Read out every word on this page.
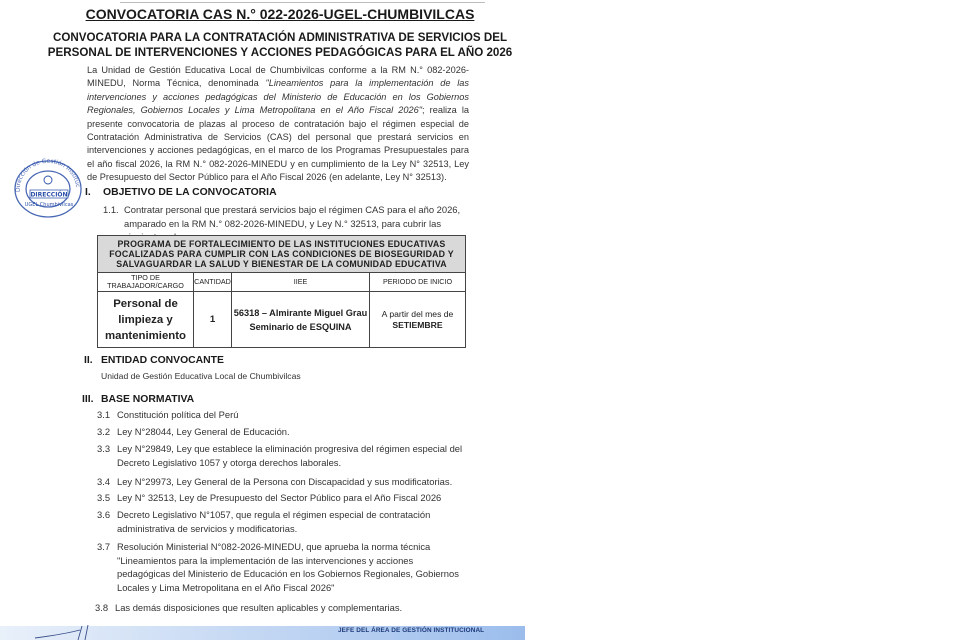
CONVOCATORIA CAS N.° 022-2026-UGEL-CHUMBIVILCAS
CONVOCATORIA PARA LA CONTRATACIÓN ADMINISTRATIVA DE SERVICIOS DEL
PERSONAL DE INTERVENCIONES Y ACCIONES PEDAGÓGICAS PARA EL AÑO 2026
La Unidad de Gestión Educativa Local de Chumbivilcas conforme a la RM N.° 082-2026-MINEDU, Norma Técnica, denominada "Lineamientos para la implementación de las intervenciones y acciones pedagógicas del Ministerio de Educación en los Gobiernos Regionales, Gobiernos Locales y Lima Metropolitana en el Año Fiscal 2026"; realiza la presente convocatoria de plazas al proceso de contratación bajo el régimen especial de Contratación Administrativa de Servicios (CAS) del personal que prestará servicios en intervenciones y acciones pedagógicas, en el marco de los Programas Presupuestales para el año fiscal 2026, la RM N.° 082-2026-MINEDU y en cumplimiento de la Ley N° 32513, Ley de Presupuesto del Sector Público para el Año Fiscal 2026 (en adelante, Ley N° 32513).
Dirección de Gestión Instituc
DIRECCIÓN
UGEL Chumbivilcas
I. OBJETIVO DE LA CONVOCATORIA
1.1. Contratar personal que prestará servicios bajo el régimen CAS para el año 2026, amparado en la RM N.° 082-2026-MINEDU, y Ley N.° 32513, para cubrir las
PROGRAMA DE FORTALECIMIENTO DE LAS INSTITUCIONES EDUCATIVAS FOCALIZADAS PARA CUMPLIR CON LAS CONDICIONES DE BIOSEGURIDAD Y SALVAGUARDAR LA SALUD Y BIENESTAR DE LA COMUNIDAD EDUCATIVA			
TIPO DE TRABAJADOR/CARGO	CANTIDAD	IIEE	PERIODO DE INICIO
Personal de limpieza y mantenimiento	1	56318 – Almirante Miguel Grau Seminario de ESQUINA	A partir del mes de
SETIEMBRE
II. ENTIDAD CONVOCANTE
Unidad de Gestión Educativa Local de Chumbivilcas
III. BASE NORMATIVA
3.1 Constitución política del Perú
3.2 Ley N°28044, Ley General de Educación.
3.3 Ley N°29849, Ley que establece la eliminación progresiva del régimen especial del Decreto Legislativo 1057 y otorga derechos laborales.
3.4 Ley N°29973, Ley General de la Persona con Discapacidad y sus modificatorias.
3.5 Ley N° 32513, Ley de Presupuesto del Sector Público para el Año Fiscal 2026
3.6 Decreto Legislativo N°1057, que regula el régimen especial de contratación administrativa de servicios y modificatorias.
3.7 Resolución Ministerial N°082-2026-MINEDU, que aprueba la norma técnica "Lineamientos para la implementación de las intervenciones y acciones pedagógicas del Ministerio de Educación en los Gobiernos Regionales, Gobiernos Locales y Lima Metropolitana en el Año Fiscal 2026"
3.8 Las demás disposiciones que resulten aplicables y complementarias.
JEFE DEL ÁREA DE GESTIÓN INSTITUCIONAL
